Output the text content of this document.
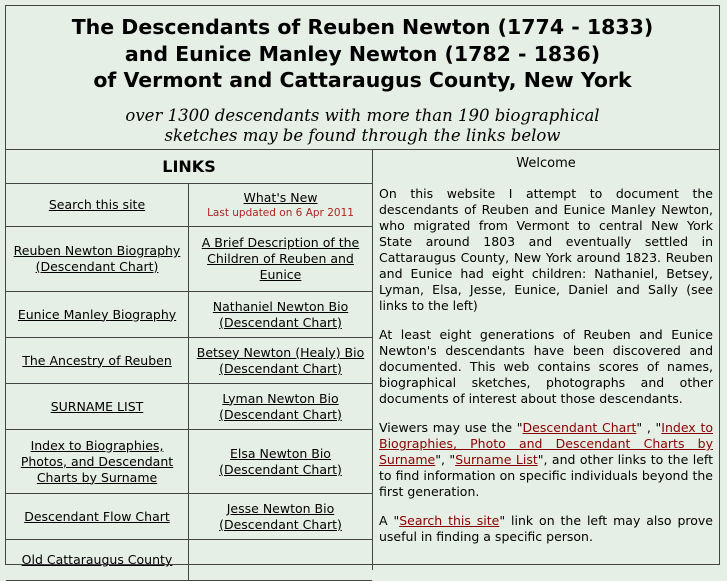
The Descendants of Reuben Newton (1774 - 1833)
and Eunice Manley Newton (1782 - 1836)
of Vermont and Cattaraugus County, New York

over 1300 descendants with more than 190 biographical
sketches may be found through the links below

LINKS
Search this site	What's New
Last updated on 6 Apr 2011
Reuben Newton Biography
(Descendant Chart)
A Brief Description of the
Children of Reuben and
Eunice
Eunice Manley Biography
Nathaniel Newton Bio
(Descendant Chart)
The Ancestry of Reuben
Betsey Newton (Healy) Bio
(Descendant Chart)
SURNAME LIST
Lyman Newton Bio
(Descendant Chart)
Index to Biographies,
Photos, and Descendant
Charts by Surname
Elsa Newton Bio
(Descendant Chart)
Descendant Flow Chart
Jesse Newton Bio
(Descendant Chart)
Old Cattaraugus County
Welcome

On this website I attempt to document the descendants of Reuben and Eunice Manley Newton, who migrated from Vermont to central New York State around 1803 and eventually settled in Cattaraugus County, New York around 1823. Reuben and Eunice had eight children: Nathaniel, Betsey, Lyman, Elsa, Jesse, Eunice, Daniel and Sally (see links to the left)

At least eight generations of Reuben and Eunice Newton's descendants have been discovered and documented. This web contains scores of names, biographical sketches, photographs and other documents of interest about those descendants.

Viewers may use the "Descendant Chart" , "Index to Biographies, Photo and Descendant Charts by Surname", "Surname List", and other links to the left to find information on specific individuals beyond the first generation.

A "Search this site" link on the left may also prove useful in finding a specific person.
